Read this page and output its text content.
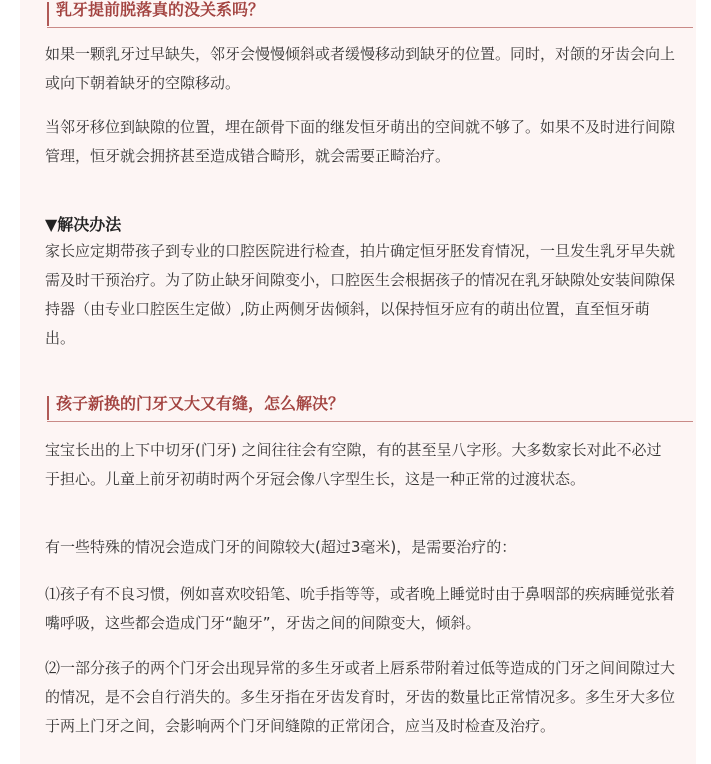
乳牙提前脱落真的没关系吗？

如果一颗乳牙过早缺失，邻牙会慢慢倾斜或者缓慢移动到缺牙的位置。同时，对颌的牙齿会向上或向下朝着缺牙的空隙移动。

当邻牙移位到缺隙的位置，埋在颌骨下面的继发恒牙萌出的空间就不够了。如果不及时进行间隙管理，恒牙就会拥挤甚至造成错合畸形，就会需要正畸治疗。

▼解决办法

家长应定期带孩子到专业的口腔医院进行检查，拍片确定恒牙胚发育情况，一旦发生乳牙早失就需及时干预治疗。为了防止缺牙间隙变小，口腔医生会根据孩子的情况在乳牙缺隙处安装间隙保持器（由专业口腔医生定做）,防止两侧牙齿倾斜，以保持恒牙应有的萌出位置，直至恒牙萌出。

孩子新换的门牙又大又有缝，怎么解决？

宝宝长出的上下中切牙(门牙) 之间往往会有空隙，有的甚至呈八字形。大多数家长对此不必过于担心。儿童上前牙初萌时两个牙冠会像八字型生长，这是一种正常的过渡状态。

有一些特殊的情况会造成门牙的间隙较大(超过3毫米)，是需要治疗的：

⑴孩子有不良习惯，例如喜欢咬铅笔、吮手指等等，或者晚上睡觉时由于鼻咽部的疾病睡觉张着嘴呼吸，这些都会造成门牙“龅牙”，牙齿之间的间隙变大，倾斜。

⑵一部分孩子的两个门牙会出现异常的多生牙或者上唇系带附着过低等造成的门牙之间间隙过大的情况，是不会自行消失的。多生牙指在牙齿发育时，牙齿的数量比正常情况多。多生牙大多位于两上门牙之间，会影响两个门牙间缝隙的正常闭合，应当及时检查及治疗。
